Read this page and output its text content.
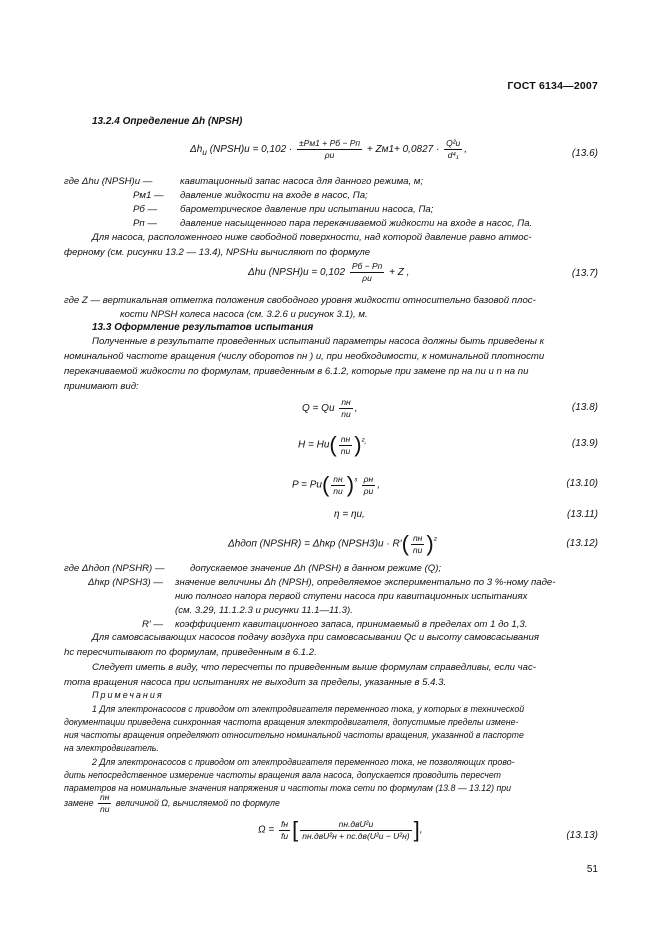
ГОСТ 6134—2007
13.2.4 Определение Δh (NPSH)
$\Delta h_и$ (NPSH)и = $0,102 \cdot \frac{\pm Pм1 + Pб - Pп}{\rho и} + Zм1+ 0,0827 \cdot \frac{\text{Q²и}}{\text{d⁴₁}}$ ,	(13.6)
где Δhи (NPSH)и —	кавитационный запас насоса для данного режима, м;
Pм1 — давление жидкости на входе в насос, Па;
Pб — барометрическое давление при испытании насоса, Па;
Pп — давление насыщенного пара перекачиваемой жидкости на входе в насос, Па.
Для насоса, расположенного ниже свободной поверхности, над которой давление равно атмос-
ферному (см. рисунки 13.2 — 13.4), NPSHи вычисляют по формуле
Δhи (NPSH)и = $0,102 \frac{Pб - Pп}{\rho и} + Z$ ,	(13.7)
где Z — вертикальная отметка положения свободного уровня жидкости относительно базовой плос-
кости NPSH колеса насоса (см. 3.2.6 и рисунок 3.1), м.
13.3 Оформление результатов испытания
Полученные в результате проведенных испытаний параметры насоса должны быть приведены к
номинальной частоте вращения (числу оборотов nн ) и, при необходимости, к номинальной плотности
перекачиваемой жидкости по формулам, приведенным в 6.1.2, которые при замене nр на nи и n на nи
принимают вид:
Q = Qи $\frac{nн}{nи}$ ,	(13.8)
$H = Hи( \frac{nн}{nи} )^{^2,}$	(13.9)
$P = Pи( \frac{nн}{nи} )^{^3} \frac{\rho н}{\rho и}$ ,	(13.10)
η = ηи,	(13.11)
Δhдоп (NPSHR) = Δhкр (NPSH3)и · $R'( \frac{nн}{nи} )^{^2}$	(13.12)
где Δhдоп (NPSHR) —	допускаемое значение Δh (NPSH) в данном режиме (Q);
Δhкр (NPSH3) — значение величины Δh (NPSH), определяемое экспериментально по 3 %-ному паде-
нию полного напора первой ступени насоса при кавитационных испытаниях
(см. 3.29, 11.1.2.3 и рисунки 11.1—11.3).
R′ — коэффициент кавитационного запаса, принимаемый в пределах от 1 до 1,3.
Для самовсасывающих насосов подачу воздуха при самовсасывании Qс и высоту самовсасывания
hс пересчитывают по формулам, приведенным в 6.1.2.
Следует иметь в виду, что пересчеты по приведенным выше формулам справедливы, если час-
тота вращения насоса при испытаниях не выходит за пределы, указанные в 5.4.3.
Примечания
1 Для электронасосов с приводом от электродвигателя переменного тока, у которых в технической
документации приведена синхронная частота вращения электродвигателя, допустимые пределы измене-
ния частоты вращения определяют относительно номинальной частоты вращения, указанной в паспорте
на электродвигатель.
2 Для электронасосов с приводом от электродвигателя переменного тока, не позволяющих прово-
дить непосредственное измерение частоты вращения вала насоса, допускается проводить пересчет
параметров на номинальные значения напряжения и частоты тока сети по формулам (13.8 — 13.12) при
замене $\frac{nн}{nи}$ величиной Ω, вычисляемой по формуле
$\Omega = \frac{fн}{fи}$ [ $\frac{\text{nн.двU²и}}{\text{nн.двU²н + nс.дв(U²и − U²н)}}$ ],	(13.13)
51
